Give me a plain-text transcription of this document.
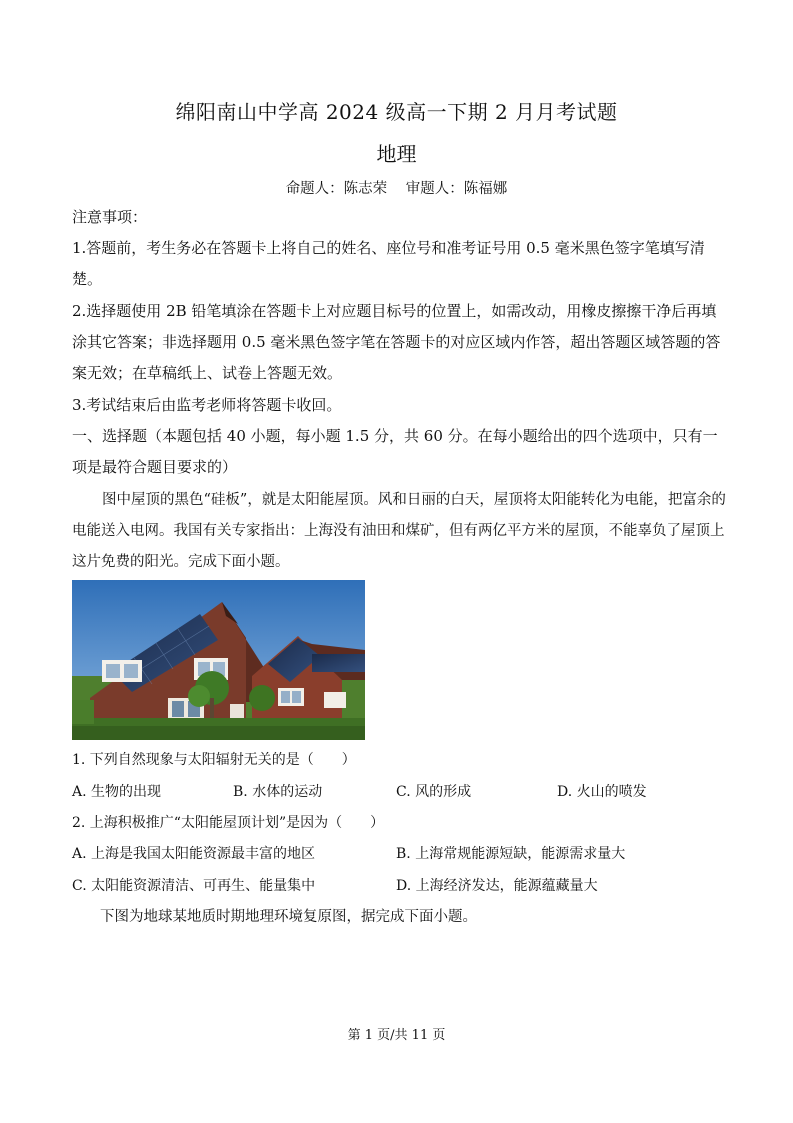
绵阳南山中学高 2024 级高一下期 2 月月考试题
地理
命题人：陈志荣 审题人：陈福娜
注意事项：
1.答题前，考生务必在答题卡上将自己的姓名、座位号和准考证号用 0.5 毫米黑色签字笔填写清楚。
2.选择题使用 2B 铅笔填涂在答题卡上对应题目标号的位置上，如需改动，用橡皮擦擦干净后再填涂其它答案；非选择题用 0.5 毫米黑色签字笔在答题卡的对应区域内作答，超出答题区域答题的答案无效；在草稿纸上、试卷上答题无效。
3.考试结束后由监考老师将答题卡收回。
一、选择题（本题包括 40 小题，每小题 1.5 分，共 60 分。在每小题给出的四个选项中，只有一项是最符合题目要求的）
图中屋顶的黑色“硅板”，就是太阳能屋顶。风和日丽的白天，屋顶将太阳能转化为电能，把富余的电能送入电网。我国有关专家指出：上海没有油田和煤矿，但有两亿平方米的屋顶，不能辜负了屋顶上这片免费的阳光。完成下面小题。
1. 下列自然现象与太阳辐射无关的是（　　）
A. 生物的出现	B. 水体的运动	C. 风的形成	D. 火山的喷发
2. 上海积极推广“太阳能屋顶计划”是因为（　　）
A. 上海是我国太阳能资源最丰富的地区	B. 上海常规能源短缺，能源需求量大
C. 太阳能资源清洁、可再生、能量集中	D. 上海经济发达，能源蕴藏量大
下图为地球某地质时期地理环境复原图，据完成下面小题。
第 1 页/共 11 页
